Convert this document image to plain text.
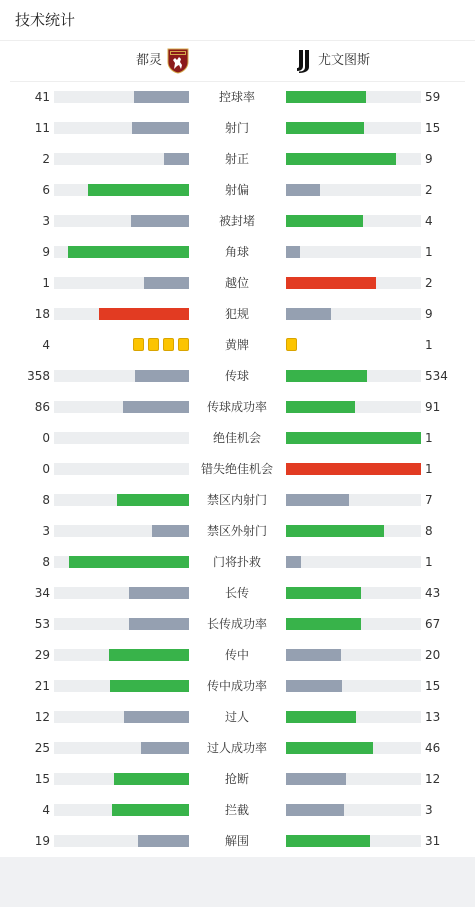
技术统计
都灵	尤文图斯
41	控球率	59
11	射门	15
2	射正	9
6	射偏	2
3	被封堵	4
9	角球	1
1	越位	2
18	犯规	9
4	黄牌	1
358	传球	534
86	传球成功率	91
0	绝佳机会	1
0	错失绝佳机会	1
8	禁区内射门	7
3	禁区外射门	8
8	门将扑救	1
34	长传	43
53	长传成功率	67
29	传中	20
21	传中成功率	15
12	过人	13
25	过人成功率	46
15	抢断	12
4	拦截	3
19	解围	31
